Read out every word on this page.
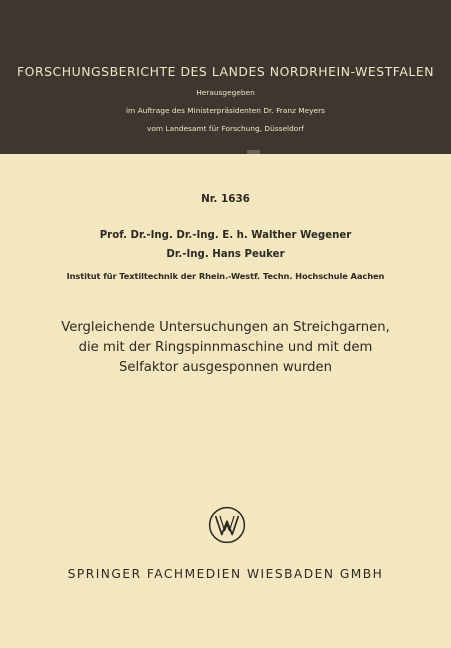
FORSCHUNGSBERICHTE DES LANDES NORDRHEIN-WESTFALEN
Herausgegeben
im Auftrage des Ministerpräsidenten Dr. Franz Meyers
vom Landesamt für Forschung, Düsseldorf
Nr. 1636
Prof. Dr.-Ing. Dr.-Ing. E. h. Walther Wegener
Dr.-Ing. Hans Peuker
Institut für Textiltechnik der Rhein.-Westf. Techn. Hochschule Aachen
Vergleichende Untersuchungen an Streichgarnen,
die mit der Ringspinnmaschine und mit dem
Selfaktor ausgesponnen wurden
SPRINGER FACHMEDIEN WIESBADEN GMBH
